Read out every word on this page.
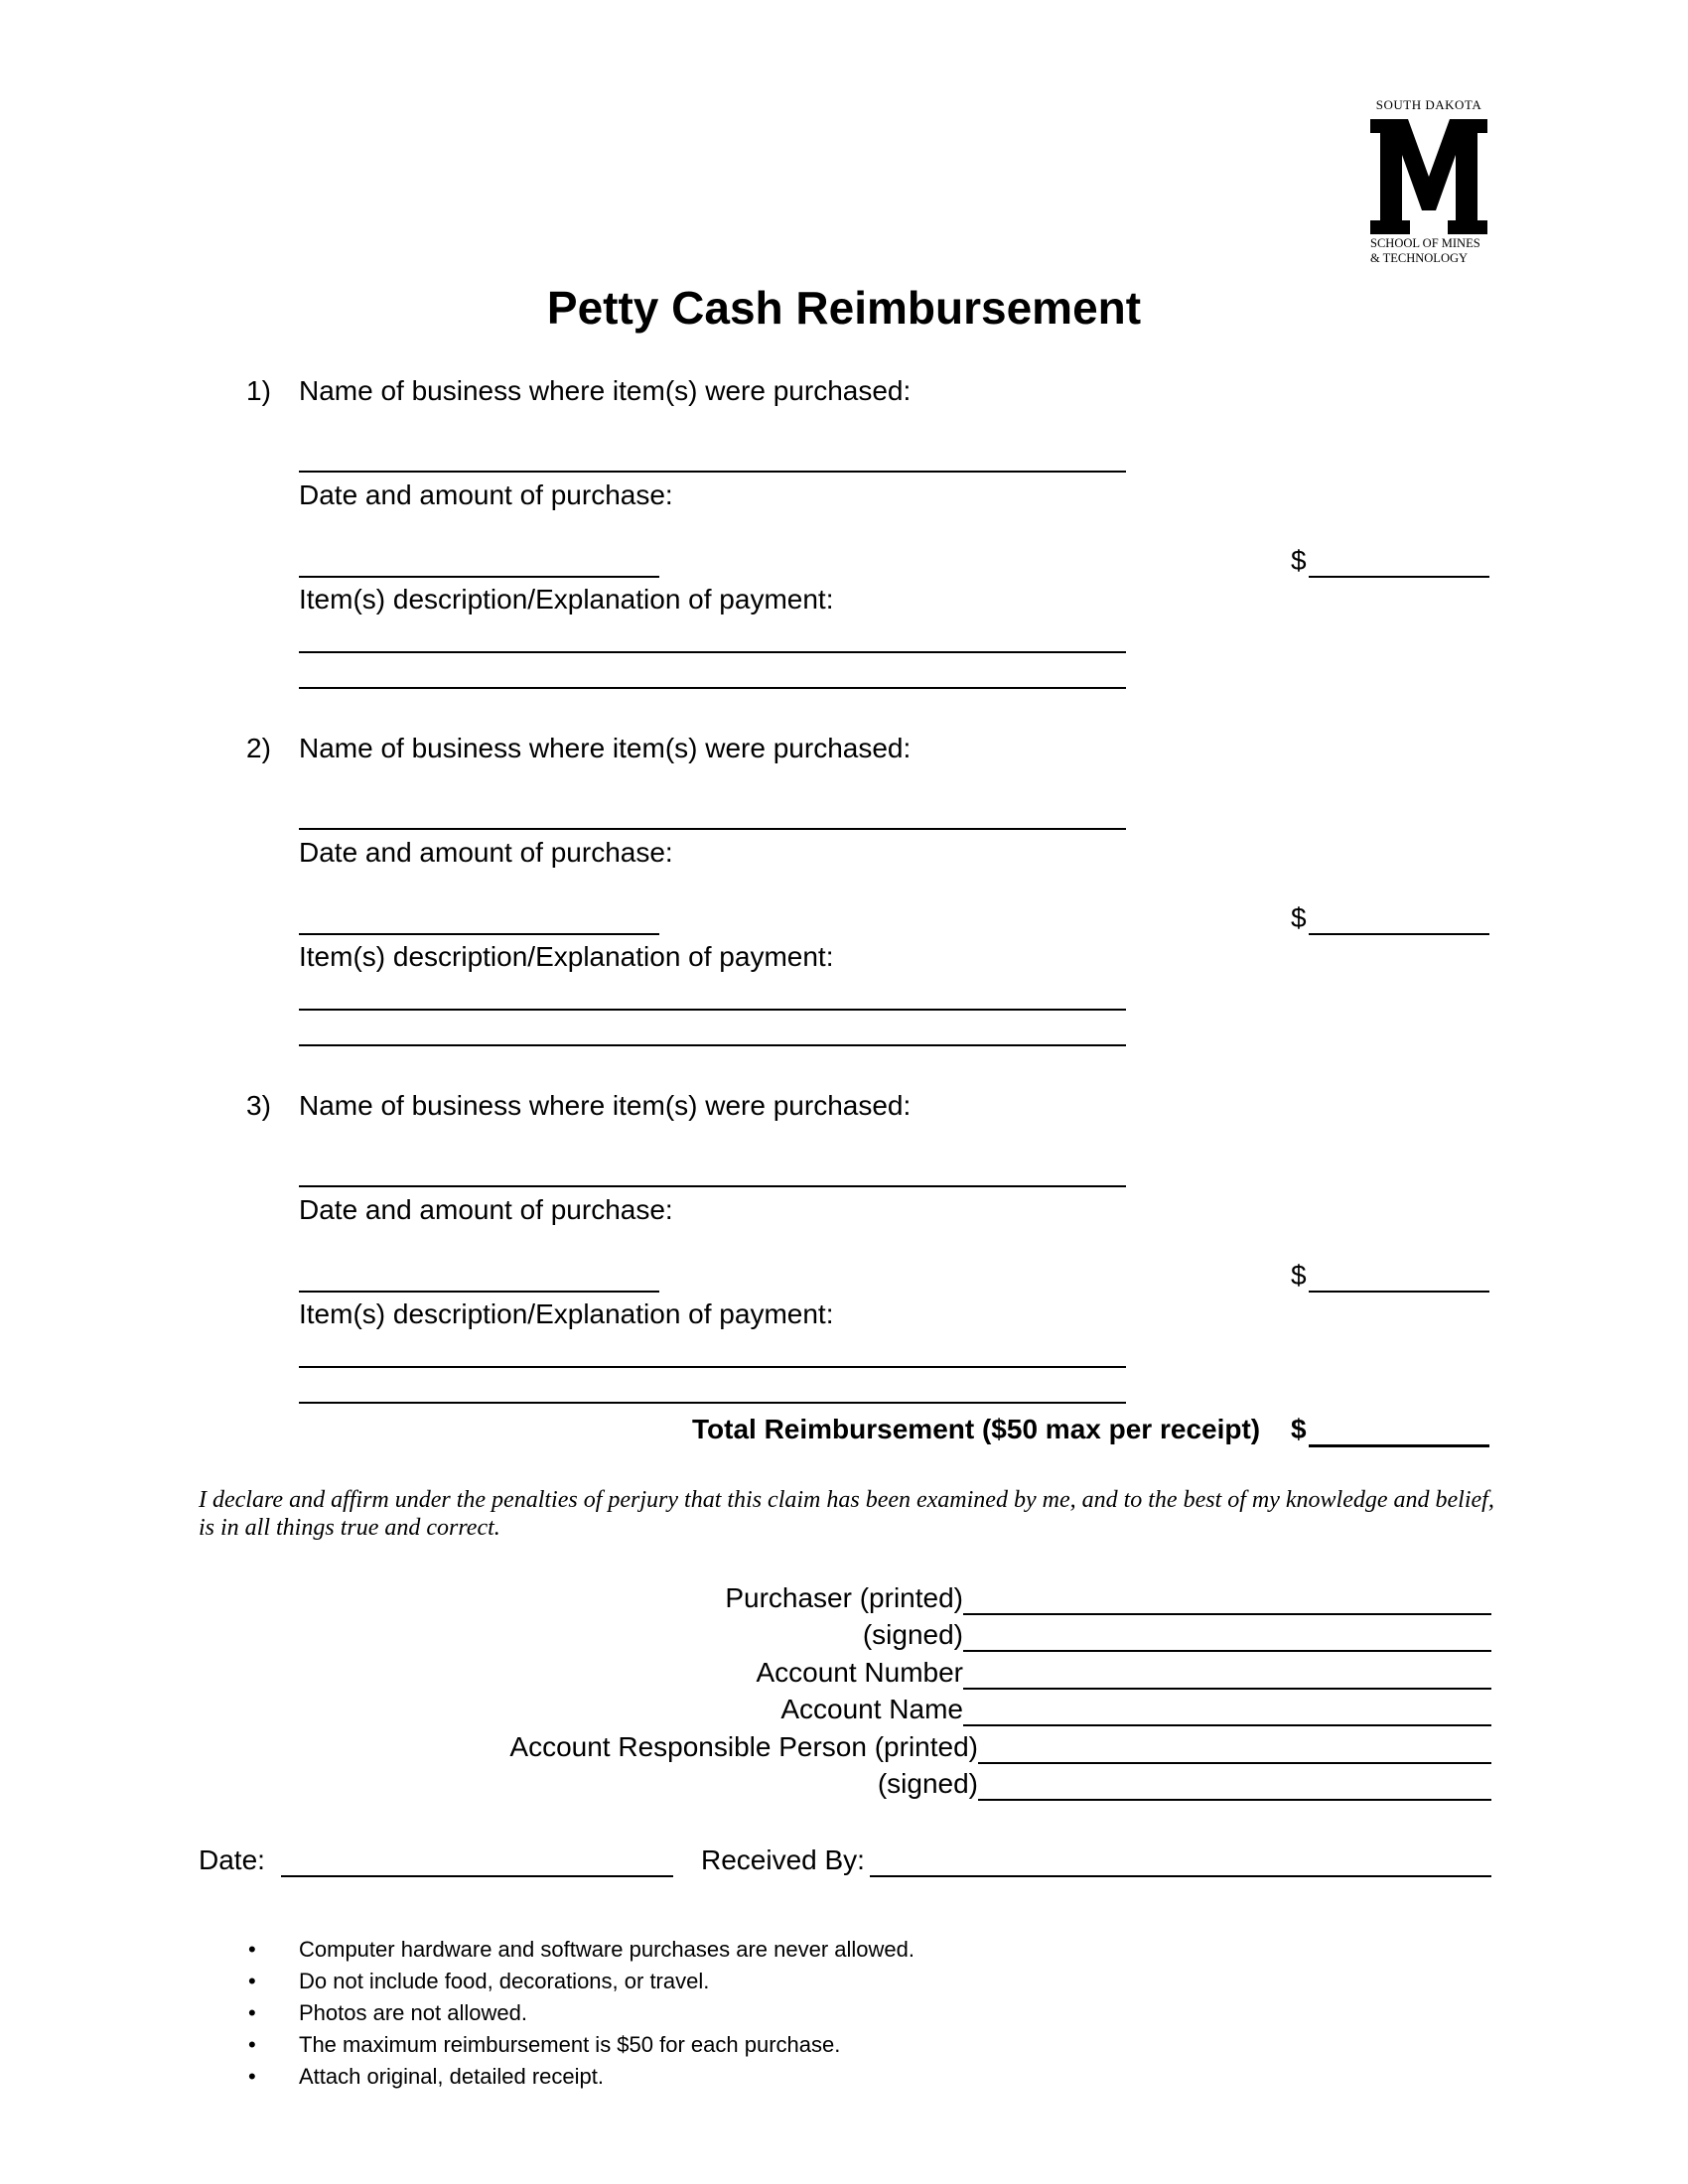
SOUTH DAKOTA
SCHOOL OF MINES
& TECHNOLOGY
Petty Cash Reimbursement
1) Name of business where item(s) were purchased:
Date and amount of purchase:
$
Item(s) description/Explanation of payment:
2) Name of business where item(s) were purchased:
Date and amount of purchase:
$
Item(s) description/Explanation of payment:
3) Name of business where item(s) were purchased:
Date and amount of purchase:
$
Item(s) description/Explanation of payment:
Total Reimbursement ($50 max per receipt) $
I declare and affirm under the penalties of perjury that this claim has been examined by me, and to the best of my knowledge and belief, is in all things true and correct.
Purchaser (printed)
(signed)
Account Number
Account Name
Account Responsible Person (printed)
(signed)
Date:	Received By:
• Computer hardware and software purchases are never allowed.
• Do not include food, decorations, or travel.
• Photos are not allowed.
• The maximum reimbursement is $50 for each purchase.
• Attach original, detailed receipt.
